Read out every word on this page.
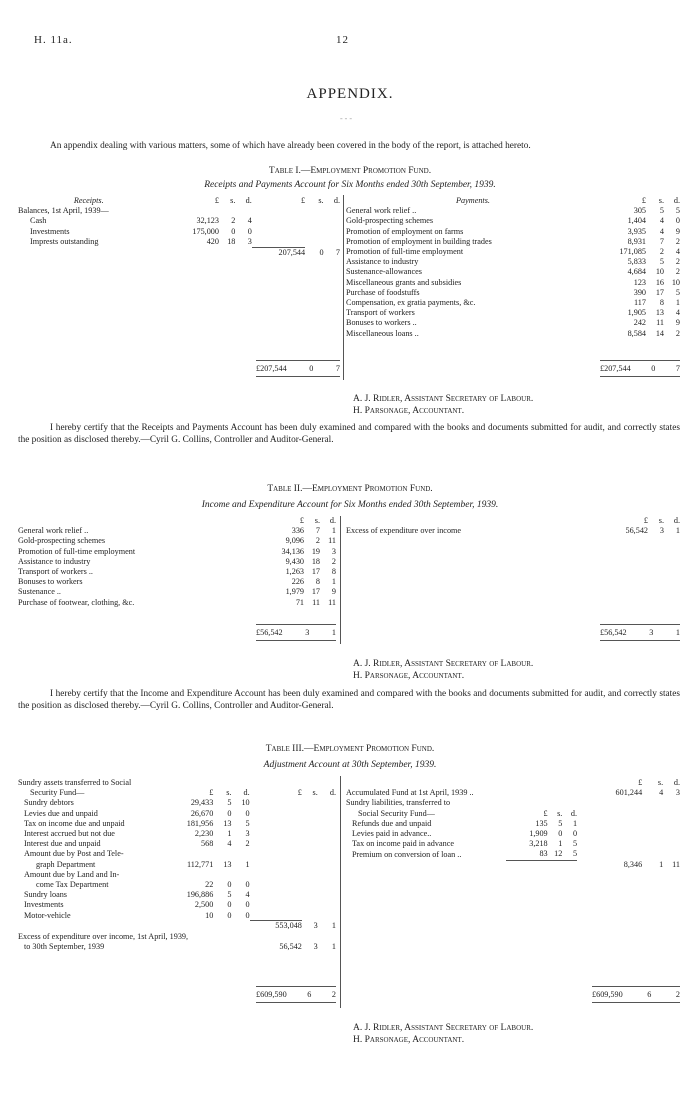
H. 11a.	12
APPENDIX.
- - -
An appendix dealing with various matters, some of which have already been covered in the body of the report, is attached hereto.
Table I.—Employment Promotion Fund.
Receipts and Payments Account for Six Months ended 30th September, 1939.
Receipts.	£	s.	d.	£	s.	d.
Balances, 1st April, 1939—						
Cash	32,123	2	4			
Investments	175,000	0	0			
Imprests outstanding	420	18	3			
				207,544	0	7
Payments.	£	s.	d.
General work relief ..	305	5	5
Gold-prospecting schemes	1,404	4	0
Promotion of employment on farms	3,935	4	9
Promotion of employment in building trades	8,931	7	2
Promotion of full-time employment	171,085	2	4
Assistance to industry	5,833	5	2
Sustenance-allowances	4,684	10	2
Miscellaneous grants and subsidies	123	16	10
Purchase of foodstuffs	390	17	5
Compensation, ex gratia payments, &c.	117	8	1
Transport of workers	1,905	13	4
Bonuses to workers ..	242	11	9
Miscellaneous loans ..	8,584	14	2
£207,544	0	7	£207,544	0	7
A. J. Ridler, Assistant Secretary of Labour.
H. Parsonage, Accountant.
I hereby certify that the Receipts and Payments Account has been duly examined and compared with the books and documents submitted for audit, and correctly states the position as disclosed thereby.—Cyril G. Collins, Controller and Auditor-General.
Table II.—Employment Promotion Fund.
Income and Expenditure Account for Six Months ended 30th September, 1939.
	£	s.	d.
General work relief ..	336	7	1
Gold-prospecting schemes	9,096	2	11
Promotion of full-time employment	34,136	19	3
Assistance to industry	9,430	18	2
Transport of workers ..	1,263	17	8
Bonuses to workers	226	8	1
Sustenance ..	1,979	17	9
Purchase of footwear, clothing, &c.	71	11	11
	£	s.	d.
Excess of expenditure over income	56,542	3	1
£56,542	3	1	£56,542	3	1
A. J. Ridler, Assistant Secretary of Labour.
H. Parsonage, Accountant.
I hereby certify that the Income and Expenditure Account has been duly examined and compared with the books and documents submitted for audit, and correctly states the position as disclosed thereby.—Cyril G. Collins, Controller and Auditor-General.
Table III.—Employment Promotion Fund.
Adjustment Account at 30th September, 1939.
Sundry assets transferred to Social						
Security Fund—	£	s.	d.	£	s.	d.
Sundry debtors	29,433	5	10			
Levies due and unpaid	26,670	0	0			
Tax on income due and unpaid	181,956	13	5			
Interest accrued but not due	2,230	1	3			
Interest due and unpaid	568	4	2			
Amount due by Post and Tele-						
graph Department	112,771	13	1			
Amount due by Land and In-						
come Tax Department	22	0	0			
Sundry loans	196,886	5	4			
Investments	2,500	0	0			
Motor-vehicle	10	0	0			
				553,048	3	1
Excess of expenditure over income, 1st April, 1939,						
to 30th September, 1939				56,542	3	1
				£	s.	d.
Accumulated Fund at 1st April, 1939 ..				601,244	4	3
Sundry liabilities, transferred to						
Social Security Fund—	£	s.	d.			
Refunds due and unpaid	135	5	1			
Levies paid in advance..	1,909	0	0			
Tax on income paid in advance	3,218	1	5			
Premium on conversion of loan ..	83	12	5			
				8,346	1	11
£609,590	6	2	£609,590	6	2
A. J. Ridler, Assistant Secretary of Labour.
H. Parsonage, Accountant.
